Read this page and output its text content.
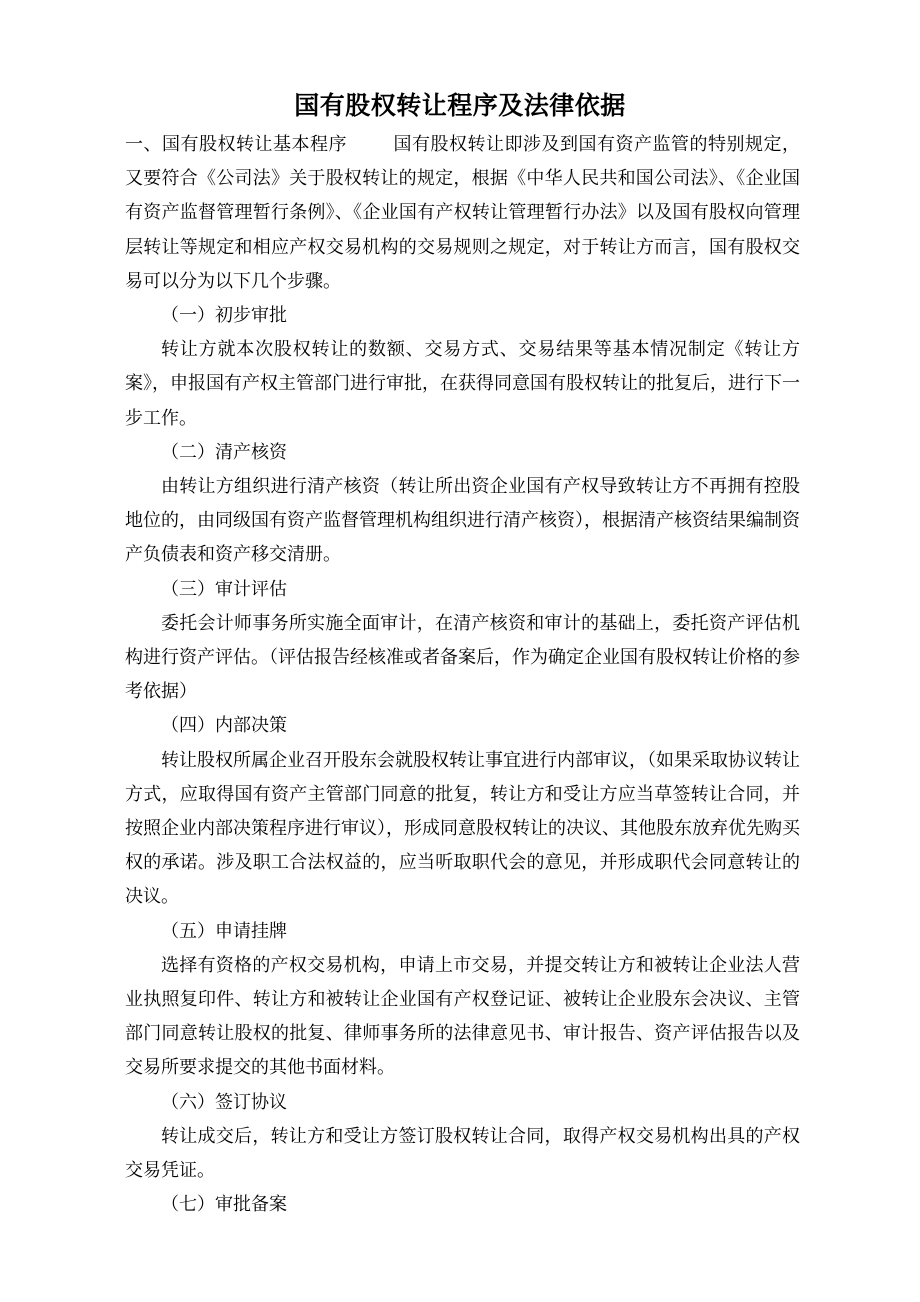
国有股权转让程序及法律依据

一、国有股权转让基本程序	国有股权转让即涉及到国有资产监管的特别规定，又要符合《公司法》关于股权转让的规定，根据《中华人民共和国公司法》、《企业国有资产监督管理暂行条例》、《企业国有产权转让管理暂行办法》以及国有股权向管理层转让等规定和相应产权交易机构的交易规则之规定，对于转让方而言，国有股权交易可以分为以下几个步骤。

（一）初步审批

转让方就本次股权转让的数额、交易方式、交易结果等基本情况制定《转让方案》，申报国有产权主管部门进行审批，在获得同意国有股权转让的批复后，进行下一步工作。

（二）清产核资

由转让方组织进行清产核资（转让所出资企业国有产权导致转让方不再拥有控股地位的，由同级国有资产监督管理机构组织进行清产核资），根据清产核资结果编制资产负债表和资产移交清册。

（三）审计评估

委托会计师事务所实施全面审计，在清产核资和审计的基础上，委托资产评估机构进行资产评估。（评估报告经核准或者备案后，作为确定企业国有股权转让价格的参考依据）

（四）内部决策

转让股权所属企业召开股东会就股权转让事宜进行内部审议，（如果采取协议转让方式，应取得国有资产主管部门同意的批复，转让方和受让方应当草签转让合同，并按照企业内部决策程序进行审议），形成同意股权转让的决议、其他股东放弃优先购买权的承诺。涉及职工合法权益的，应当听取职代会的意见，并形成职代会同意转让的决议。

（五）申请挂牌

选择有资格的产权交易机构，申请上市交易，并提交转让方和被转让企业法人营业执照复印件、转让方和被转让企业国有产权登记证、被转让企业股东会决议、主管部门同意转让股权的批复、律师事务所的法律意见书、审计报告、资产评估报告以及交易所要求提交的其他书面材料。

（六）签订协议

转让成交后，转让方和受让方签订股权转让合同，取得产权交易机构出具的产权交易凭证。

（七）审批备案
